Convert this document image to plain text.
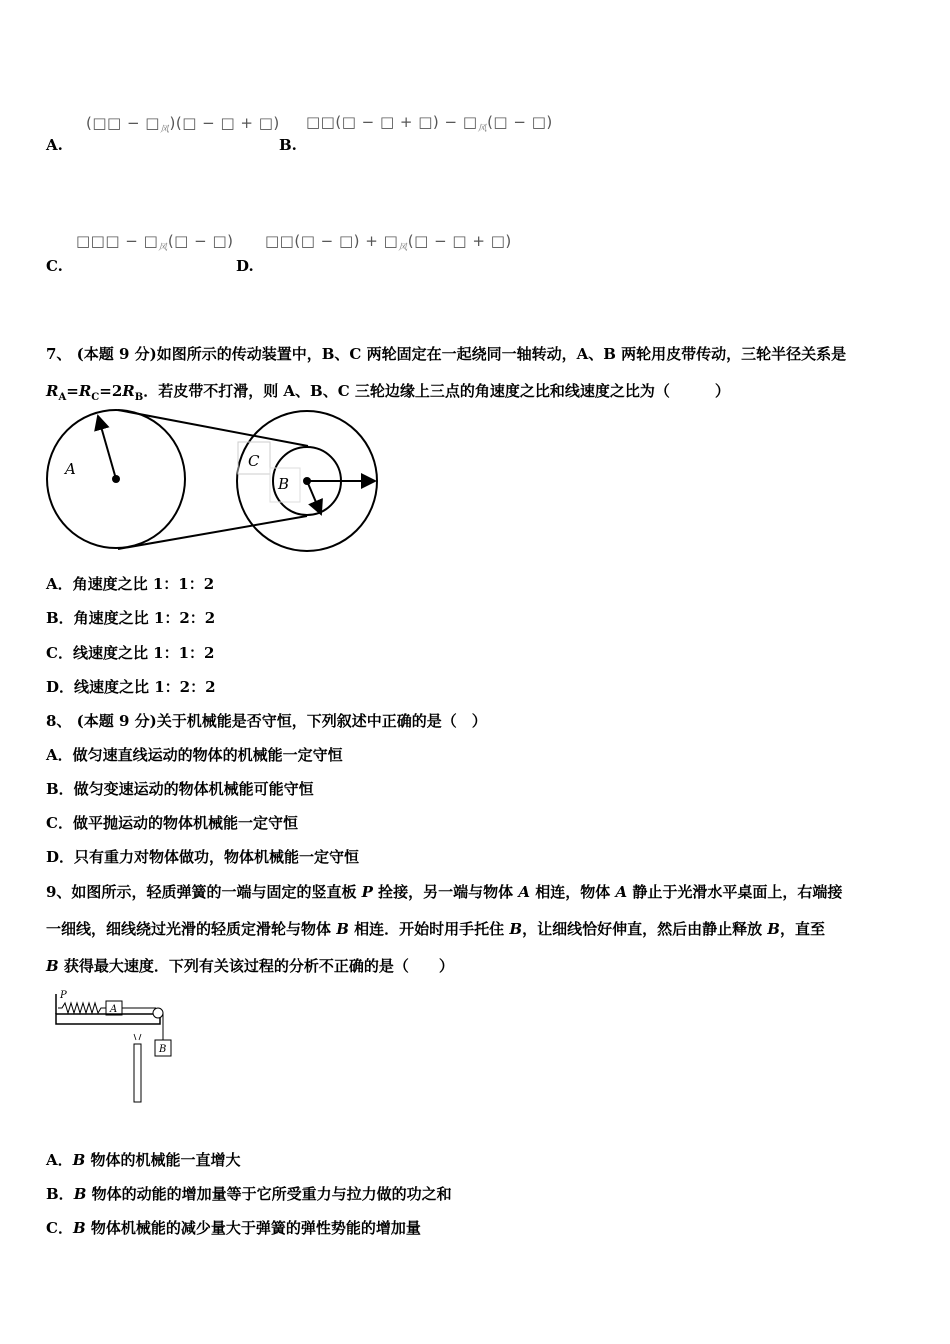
(□□ − $□_风)(□$ − □ + □)
A.
□□(□ − □ + □) − $□_风(□$ − □)
B.
□□□ − $□_风(□$ − □)
C.
□□(□ − □) + $□_风(□$ − □ + □)
D.
7、 (本题 9 分)如图所示的传动装置中，B、C 两轮固定在一起绕同一轴转动，A、B 两轮用皮带传动，三轮半径关系是
$R_A=R_C=2R_B$．若皮带不打滑，则 A、B、C 三轮边缘上三点的角速度之比和线速度之比为（　　　）
A	C
B
A．角速度之比 1：1：2
B．角速度之比 1：2：2
C．线速度之比 1：1：2
D．线速度之比 1：2：2
8、 (本题 9 分)关于机械能是否守恒，下列叙述中正确的是（　）
A．做匀速直线运动的物体的机械能一定守恒
B．做匀变速运动的物体机械能可能守恒
C．做平抛运动的物体机械能一定守恒
D．只有重力对物体做功，物体机械能一定守恒
9、如图所示，轻质弹簧的一端与固定的竖直板 P 拴接，另一端与物体 A 相连，物体 A 静止于光滑水平桌面上，右端接
一细线，细线绕过光滑的轻质定滑轮与物体 B 相连．开始时用手托住 B，让细线恰好伸直，然后由静止释放 B，直至
B 获得最大速度．下列有关该过程的分析不正确的是（　　）
P
A
B
A．B 物体的机械能一直增大
B．B 物体的动能的增加量等于它所受重力与拉力做的功之和
C．B 物体机械能的减少量大于弹簧的弹性势能的增加量
